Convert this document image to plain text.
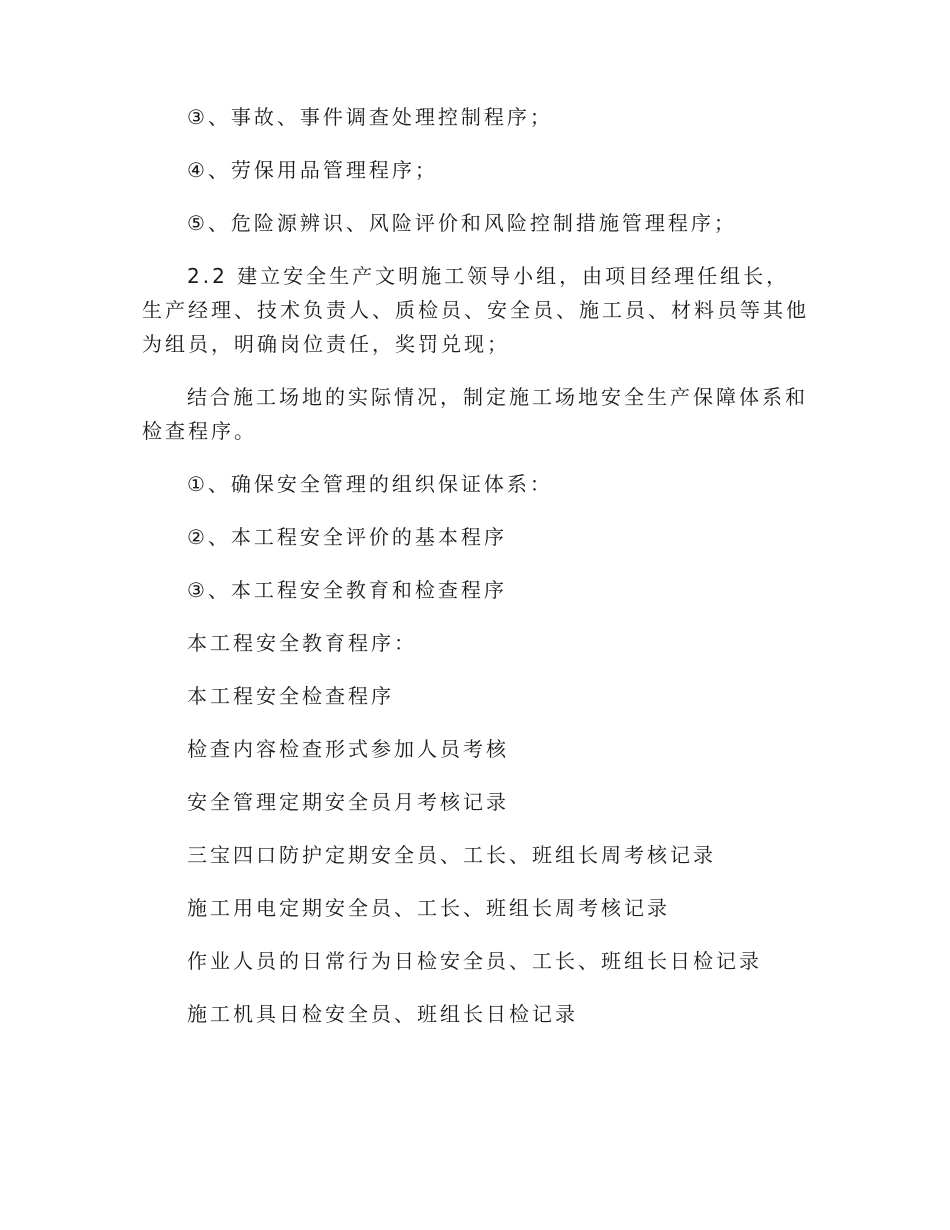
③、事故、事件调查处理控制程序；

④、劳保用品管理程序；

⑤、危险源辨识、风险评价和风险控制措施管理程序；

2.2 建立安全生产文明施工领导小组，由项目经理任组长，生产经理、技术负责人、质检员、安全员、施工员、材料员等其他为组员，明确岗位责任，奖罚兑现；

结合施工场地的实际情况，制定施工场地安全生产保障体系和检查程序。

①、确保安全管理的组织保证体系：

②、本工程安全评价的基本程序

③、本工程安全教育和检查程序

本工程安全教育程序：

本工程安全检查程序

检查内容检查形式参加人员考核

安全管理定期安全员月考核记录

三宝四口防护定期安全员、工长、班组长周考核记录

施工用电定期安全员、工长、班组长周考核记录

作业人员的日常行为日检安全员、工长、班组长日检记录

施工机具日检安全员、班组长日检记录
